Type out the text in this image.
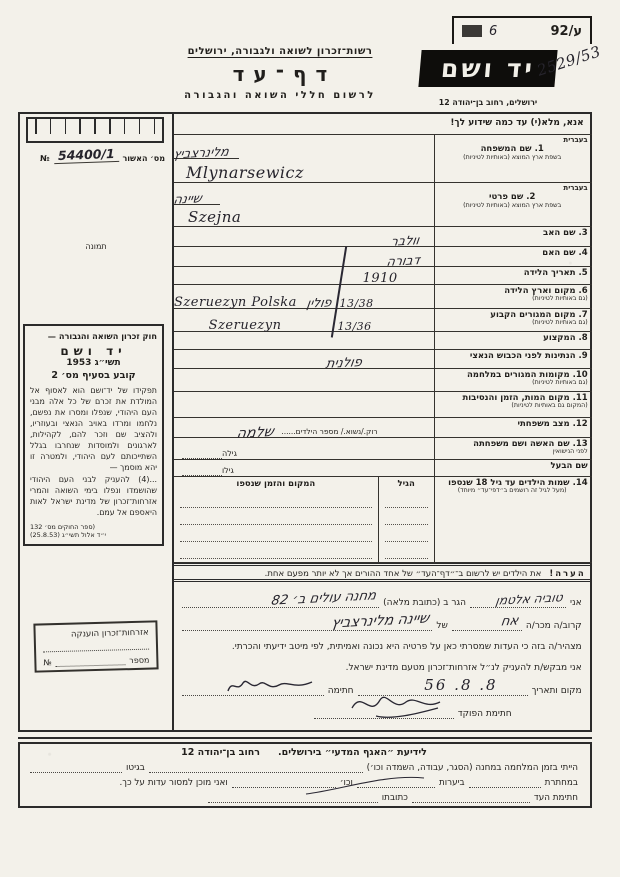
6	ע/92
יד ושם
2529/53
ירושלים, רחוב בן־יהודה 12
רשות־זכרון לשואה ולגבורה, ירושלים
דף־עד
לרשום חללי השואה והגבורה
מס׳ האשור
54400/1
№
תמונה
חוק זכרון השואה והגבורה —
יד ושם
תשי״ג 1953
קובע בסעיף מס׳ 2
תפקידו של יד־ושם הוא לאסוף אל המולדת את זכרם של כל אלה מבני העם היהודי, שנפלו ומסרו את נפשם, נלחמו ומרדו באויב הנאצי ובעוזריו, ולהציב שם וזכר להם, לקהילות, לארגונים ולמוסדות שנחרבו בגלל השתייכותם לעם היהודי, ולמטרה זו יהא מוסמך —
...(4) להעניק לבני העם היהודי שהושמדו ונפלו בימי השואה והמרי אזרחות־זכרון של מדינת ישראל לאות היאספם אל עמם.
(ספר החוקים מס׳ 132
י״ד אלול תשי״ג (25.8.53)
אזרחות־זכרון הוענקה
מספר
№
אנא, מלא(י) עד כמה שידוע לך!
בעברית
1. שם המשפחה
בשפת ארץ המוצא (באותיות לטיניות)
מלינרצביץ
Mlynarsewicz
בעברית
2. שם פרטי
בשפת ארץ המוצא (באותיות לטיניות)
שיינה
Szejna
3. שם האב
וולבר
4. שם האם
דבורה
5. תאריך הלידה
1910
6. מקום וארץ הלידה
(גם באותיות לטיניות)
13/38
פולין
Szeruezyn Polska
7. מקום המגורים הקבוע
(גם באותיות לטיניות)
13/36
Szeruezyn
8. המקצוע
9. הנתינות לפני הכבוש הנאצי
פולנית
10. מקומות המגורים במלחמה
(גם באותיות לטיניות)
11. מקום המות, הזמן והנסיבות
(המקום גם באותיות לטיניות)
12. מצב משפחתי
רוק./נשוא./ מספר הילדים......
שלמה
13. שם האשה ושם משפחתה
לפני הנישואין
גילה
שם הבעל
גילו
14. שמות הילדים עד גיל 18 שנספו
(מעל לגיל זה רושמים ב״דפי־עד״ מיוחד)
הגיל
המקום והזמן שנספו
הערה!
את הילדים יש לרשום ב־״דף־העד״ של אחד ההורים אך לא יותר מפעם אחת.
אני
טוביה אלטמן
הגר ב (כתובת מלאה)
מחנה עולים ב׳ 82
קרוב/ה מכר/ה
אח
של
שיינה מלינרצביץ
מצהיר/ה בזה כי העדות שמסרתי כאן על פרטיה היא נכונה ואמיתית, לפי מיטב ידיעתי והכרתי.
אני מבקש/ת להעניק לנ״ל אזרחות־זכרון מטעם מדינת ישראל.
מקום ותאריך
8. 8. 56
חתימה
חתימת הפוקד
לידיעת ״האגף המדעי״ בירושלים.
רחוב בן־יהודה 12
הייתי בזמן המלחמה במחנה (הסגר, עבודה, השמדה וכו׳)
בגיטו
במחתרת
ביערות
וכו׳
ואני מוכן למסור עדות על כך.
חתימת העד
כתובתו
